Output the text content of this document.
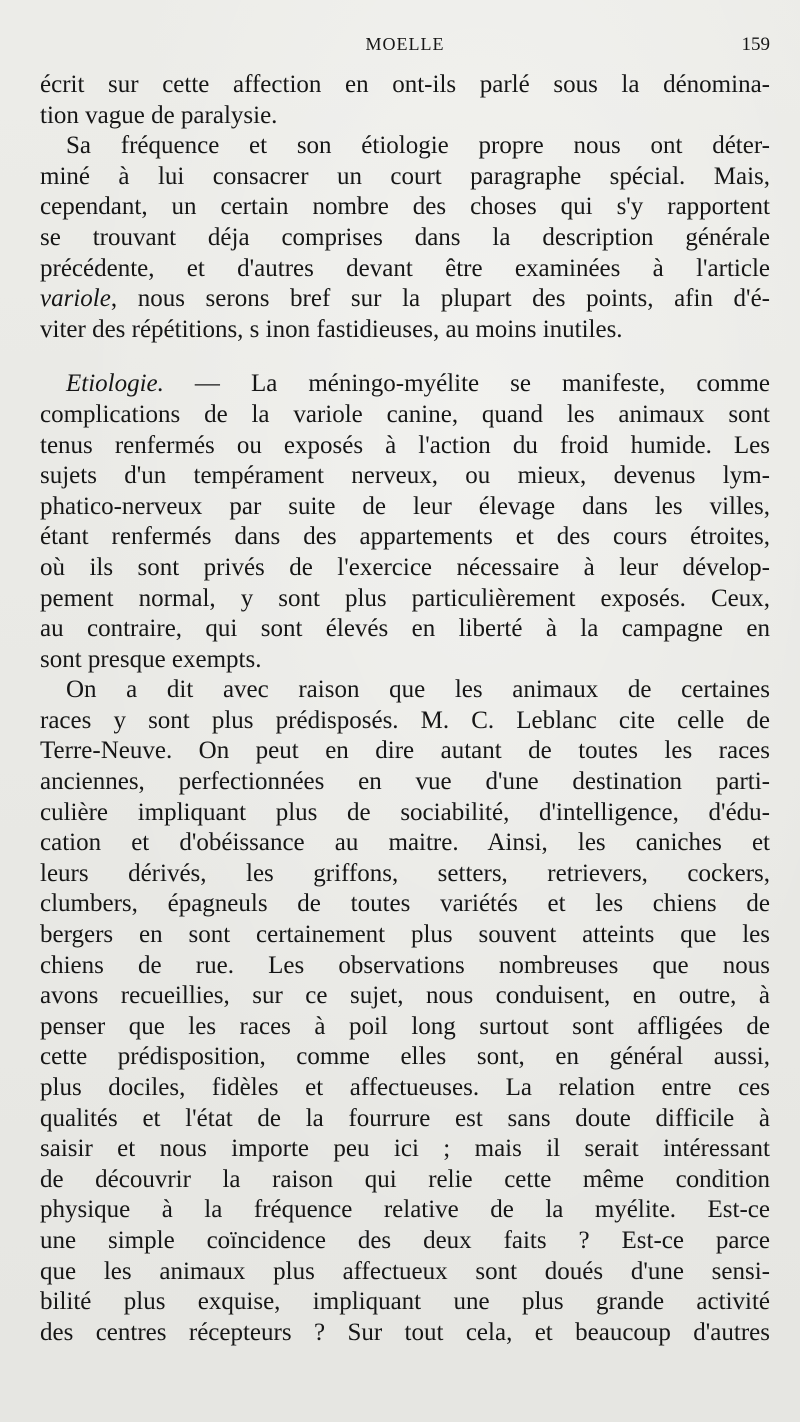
MOELLE	159
écrit sur cette affection en ont-ils parlé sous la dénomina-
tion vague de paralysie.
Sa fréquence et son étiologie propre nous ont déter-
miné à lui consacrer un court paragraphe spécial. Mais,
cependant, un certain nombre des choses qui s'y rapportent
se trouvant déja comprises dans la description générale
précédente, et d'autres devant être examinées à l'article
variole, nous serons bref sur la plupart des points, afin d'é-
viter des répétitions, s inon fastidieuses, au moins inutiles.
Etiologie. — La méningo-myélite se manifeste, comme
complications de la variole canine, quand les animaux sont
tenus renfermés ou exposés à l'action du froid humide. Les
sujets d'un tempérament nerveux, ou mieux, devenus lym-
phatico-nerveux par suite de leur élevage dans les villes,
étant renfermés dans des appartements et des cours étroites,
où ils sont privés de l'exercice nécessaire à leur dévelop-
pement normal, y sont plus particulièrement exposés. Ceux,
au contraire, qui sont élevés en liberté à la campagne en
sont presque exempts.
On a dit avec raison que les animaux de certaines
races y sont plus prédisposés. M. C. Leblanc cite celle de
Terre-Neuve. On peut en dire autant de toutes les races
anciennes, perfectionnées en vue d'une destination parti-
culière impliquant plus de sociabilité, d'intelligence, d'édu-
cation et d'obéissance au maitre. Ainsi, les caniches et
leurs dérivés, les griffons, setters, retrievers, cockers,
clumbers, épagneuls de toutes variétés et les chiens de
bergers en sont certainement plus souvent atteints que les
chiens de rue. Les observations nombreuses que nous
avons recueillies, sur ce sujet, nous conduisent, en outre, à
penser que les races à poil long surtout sont affligées de
cette prédisposition, comme elles sont, en général aussi,
plus dociles, fidèles et affectueuses. La relation entre ces
qualités et l'état de la fourrure est sans doute difficile à
saisir et nous importe peu ici ; mais il serait intéressant
de découvrir la raison qui relie cette même condition
physique à la fréquence relative de la myélite. Est-ce
une simple coïncidence des deux faits ? Est-ce parce
que les animaux plus affectueux sont doués d'une sensi-
bilité plus exquise, impliquant une plus grande activité
des centres récepteurs ? Sur tout cela, et beaucoup d'autres
